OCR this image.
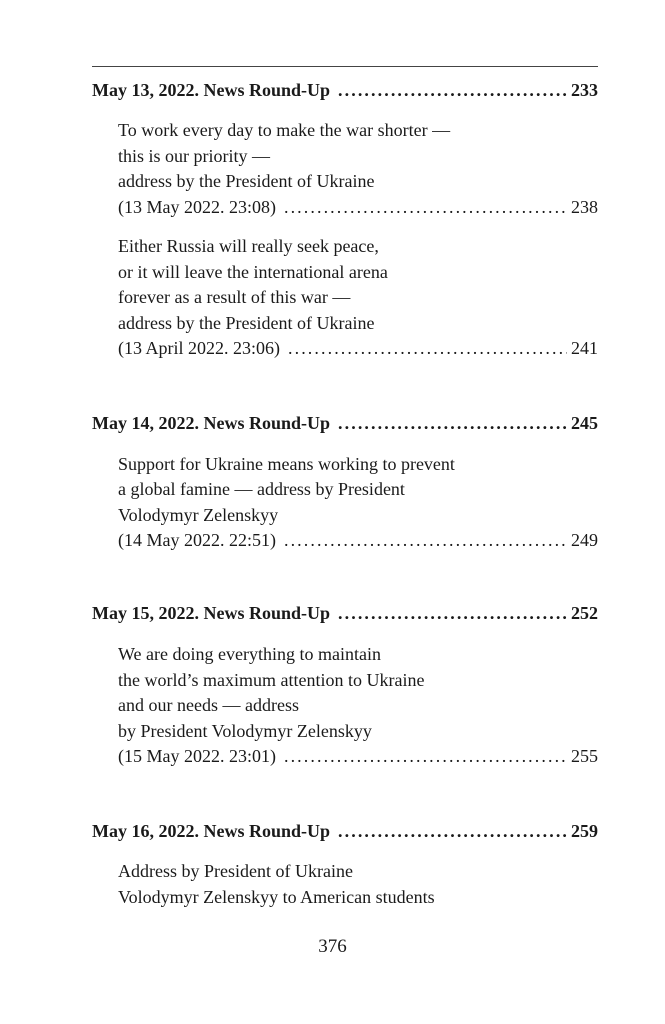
May 13, 2022. News Round-Up . . .	233
To work every day to make the war shorter —
this is our priority —
address by the President of Ukraine
(13 May 2022. 23:08) . . .	238
Either Russia will really seek peace,
or it will leave the international arena
forever as a result of this war —
address by the President of Ukraine
(13 April 2022. 23:06) . . .	241
May 14, 2022. News Round-Up . . .	245
Support for Ukraine means working to prevent
a global famine — address by President
Volodymyr Zelenskyy
(14 May 2022. 22:51) . . .	249
May 15, 2022. News Round-Up . . .	252
We are doing everything to maintain
the world’s maximum attention to Ukraine
and our needs — address
by President Volodymyr Zelenskyy
(15 May 2022. 23:01) . . .	255
May 16, 2022. News Round-Up . . .	259
Address by President of Ukraine
Volodymyr Zelenskyy to American students
376
